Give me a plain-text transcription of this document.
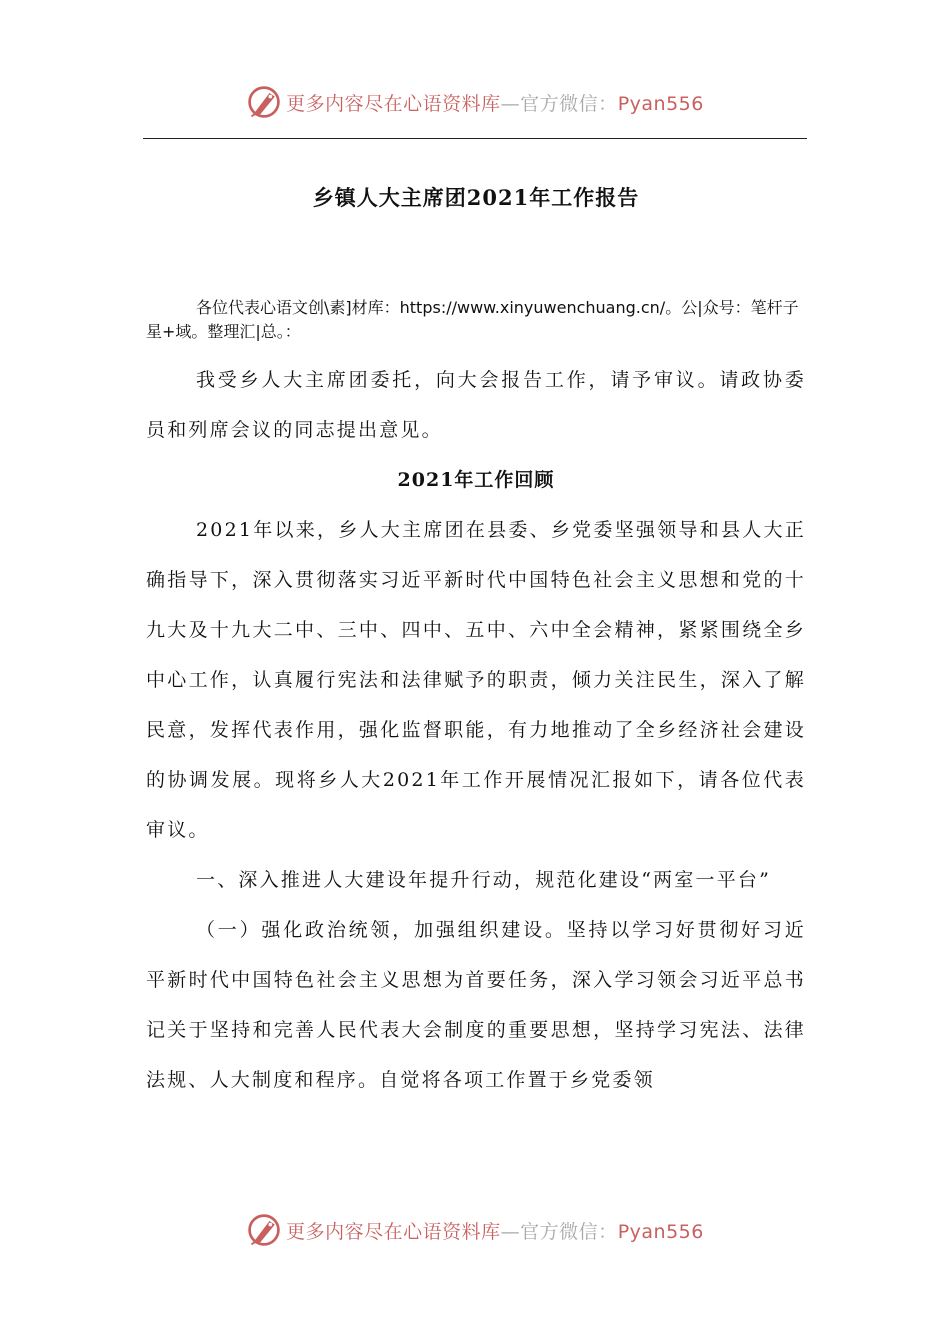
更多内容尽在心语资料库—官方微信：Pyan556
乡镇人大主席团2021年工作报告
各位代表心语文创\素]材库：https://www.xinyuwenchuang.cn/。公|众号：笔杆子星+域。整理汇|总。：

我受乡人大主席团委托，向大会报告工作，请予审议。请政协委员和列席会议的同志提出意见。

2021年工作回顾

2021年以来，乡人大主席团在县委、乡党委坚强领导和县人大正确指导下，深入贯彻落实习近平新时代中国特色社会主义思想和党的十九大及十九大二中、三中、四中、五中、六中全会精神，紧紧围绕全乡中心工作，认真履行宪法和法律赋予的职责，倾力关注民生，深入了解民意，发挥代表作用，强化监督职能，有力地推动了全乡经济社会建设的协调发展。现将乡人大2021年工作开展情况汇报如下，请各位代表审议。

一、深入推进人大建设年提升行动，规范化建设“两室一平台”

（一）强化政治统领，加强组织建设。坚持以学习好贯彻好习近平新时代中国特色社会主义思想为首要任务，深入学习领会习近平总书记关于坚持和完善人民代表大会制度的重要思想，坚持学习宪法、法律法规、人大制度和程序。自觉将各项工作置于乡党委领

更多内容尽在心语资料库—官方微信：Pyan556
